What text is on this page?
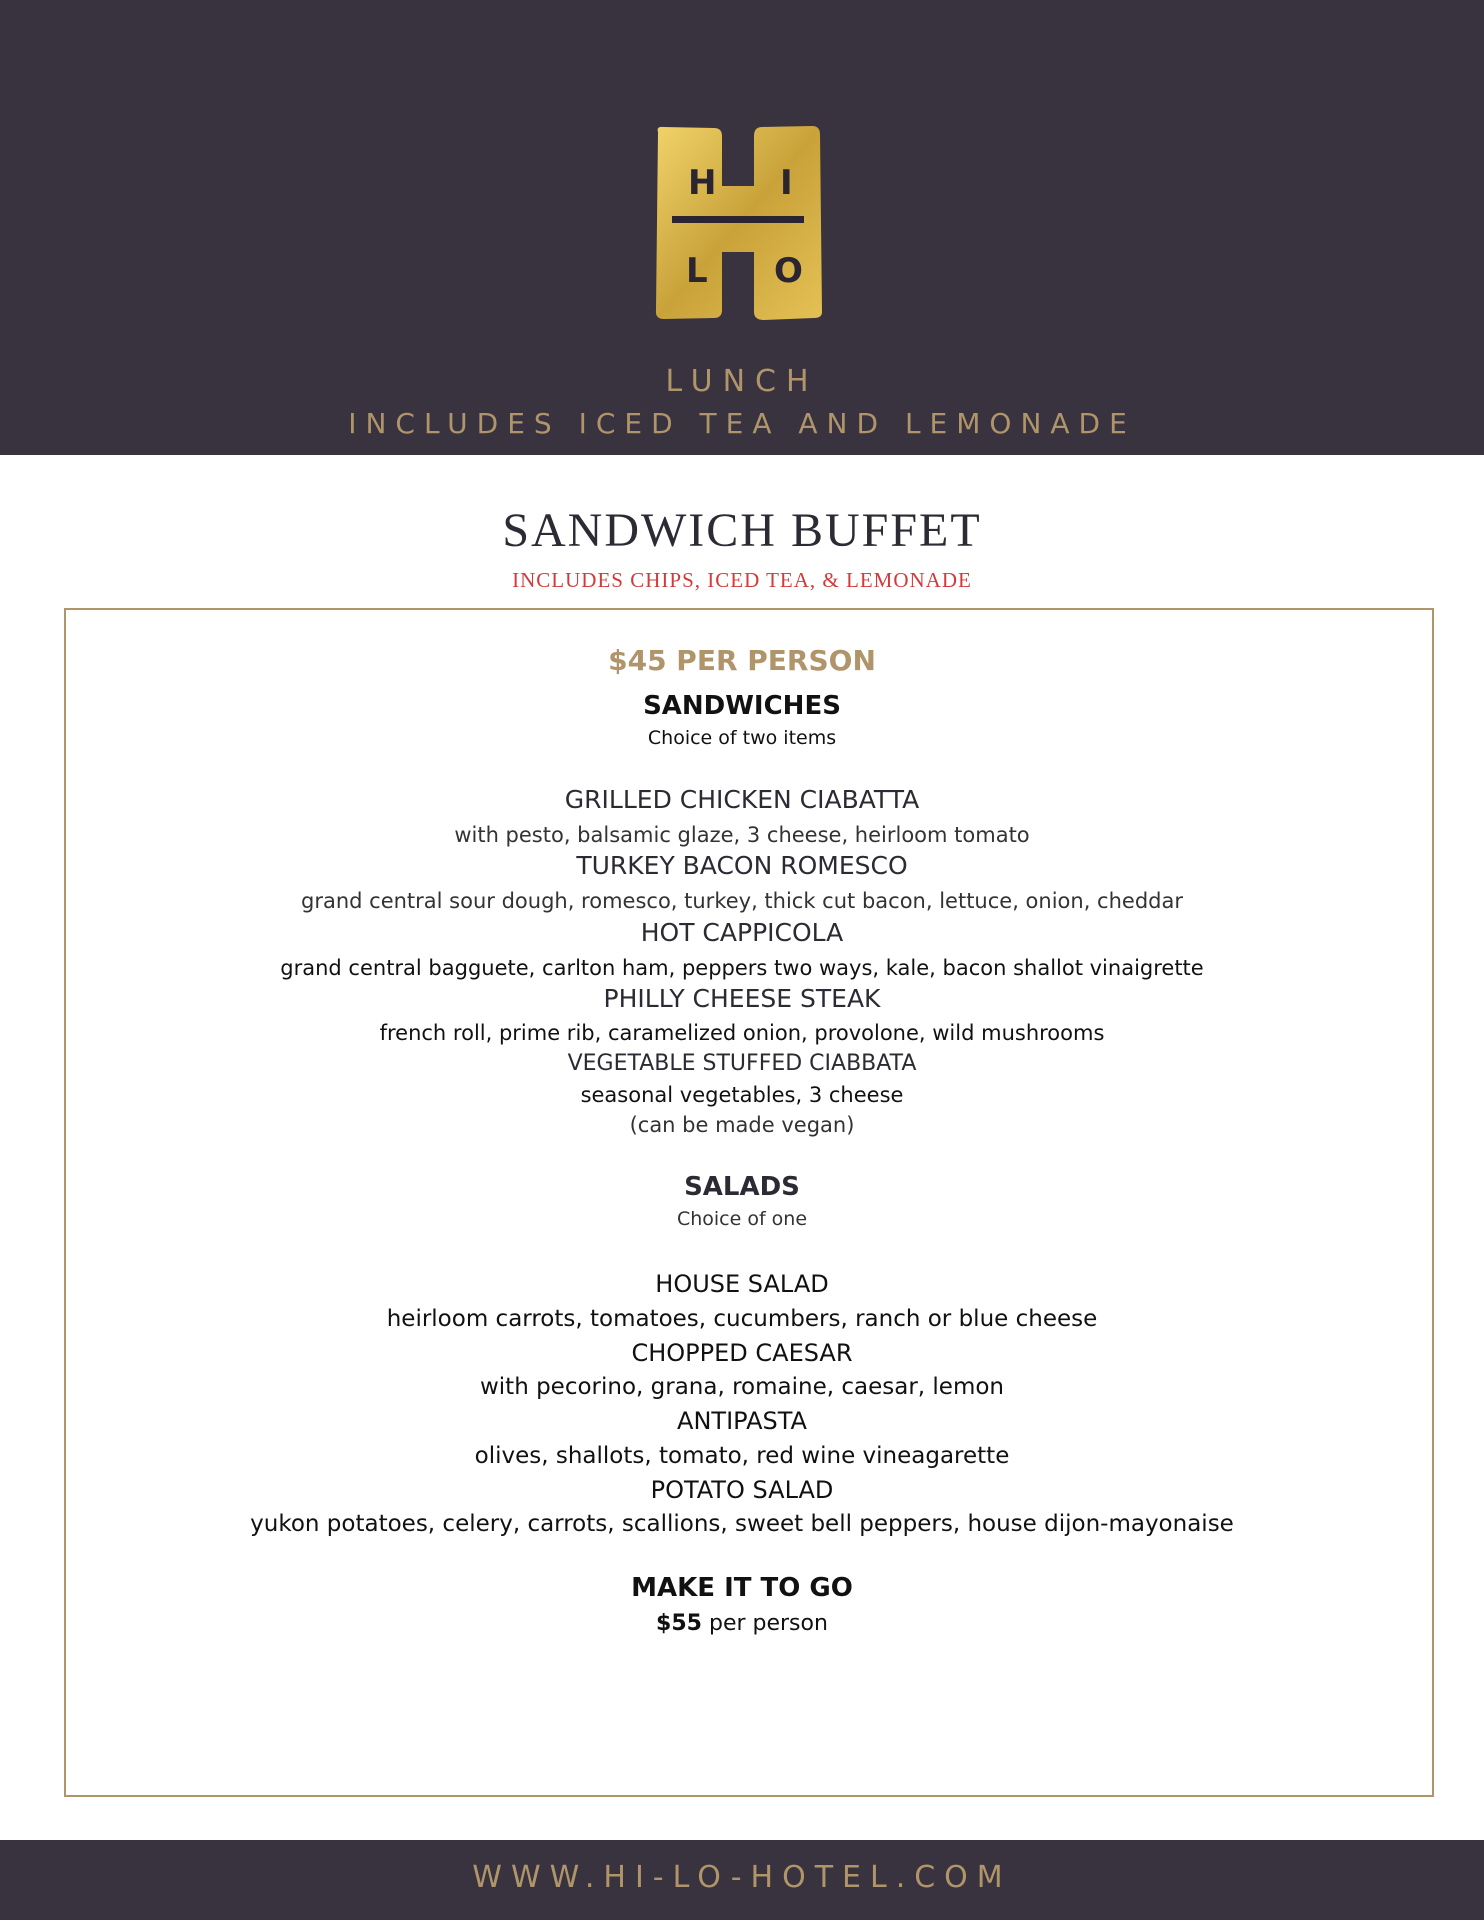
H I
L O
LUNCH
INCLUDES ICED TEA AND LEMONADE
SANDWICH BUFFET
INCLUDES CHIPS, ICED TEA, & LEMONADE
$45 PER PERSON
SANDWICHES
Choice of two items
GRILLED CHICKEN CIABATTA
with pesto, balsamic glaze, 3 cheese, heirloom tomato
TURKEY BACON ROMESCO
grand central sour dough, romesco, turkey, thick cut bacon, lettuce, onion, cheddar
HOT CAPPICOLA
grand central bagguete, carlton ham, peppers two ways, kale, bacon shallot vinaigrette
PHILLY CHEESE STEAK
french roll, prime rib, caramelized onion, provolone, wild mushrooms
VEGETABLE STUFFED CIABBATA
seasonal vegetables, 3 cheese
(can be made vegan)
SALADS
Choice of one
HOUSE SALAD
heirloom carrots, tomatoes, cucumbers, ranch or blue cheese
CHOPPED CAESAR
with pecorino, grana, romaine, caesar, lemon
ANTIPASTA
olives, shallots, tomato, red wine vineagarette
POTATO SALAD
yukon potatoes, celery, carrots, scallions, sweet bell peppers, house dijon-mayonaise
MAKE IT TO GO
$55 per person
WWW.HI-LO-HOTEL.COM
